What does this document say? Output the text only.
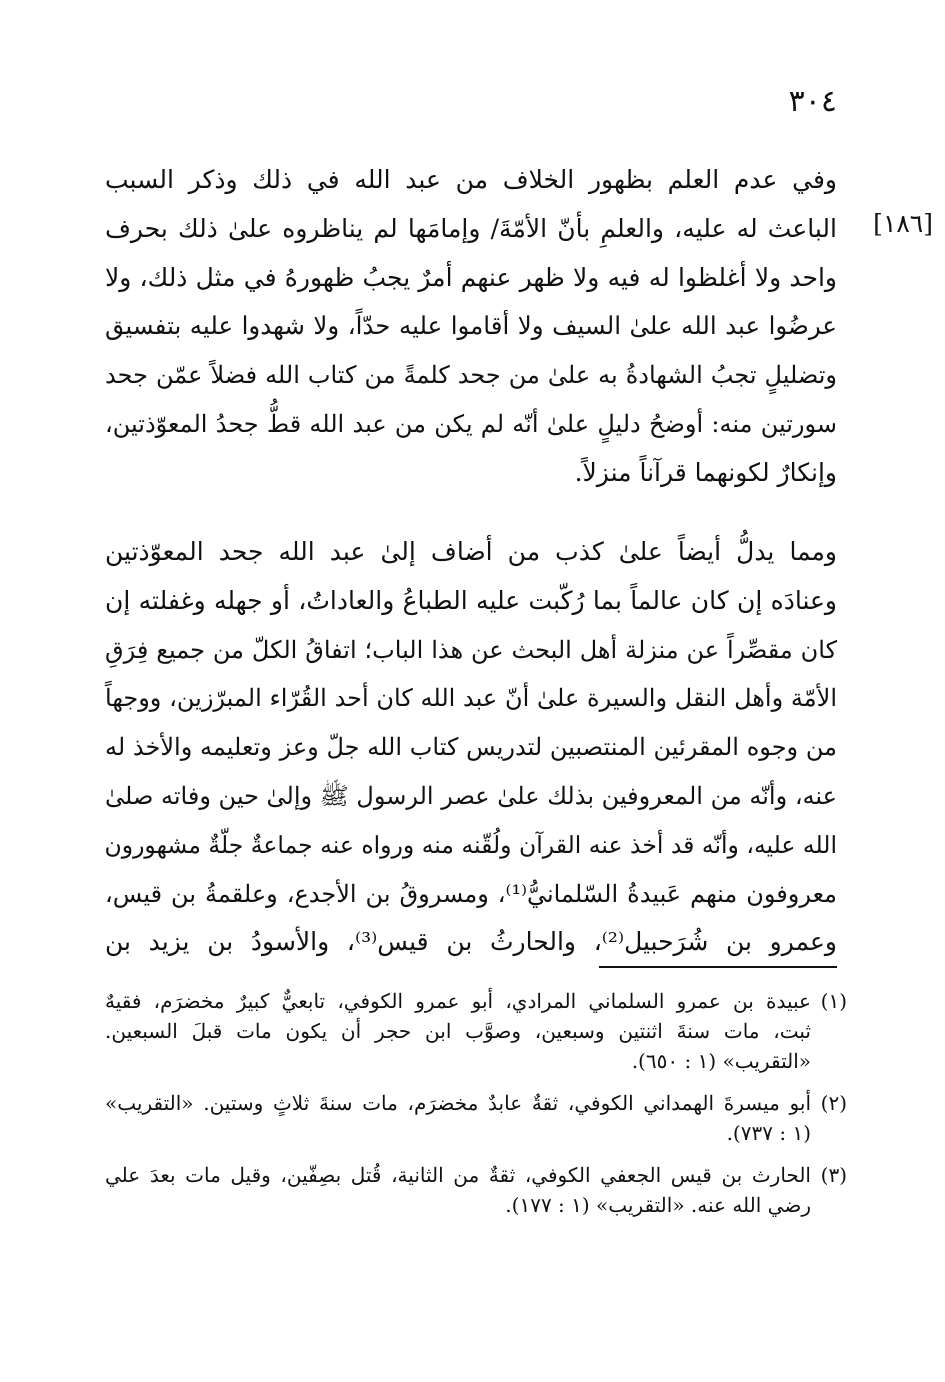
٣٠٤
[١٨٦]

وفي عدم العلم بظهور الخلاف من عبد الله في ذلك وذكر السبب
الباعث له عليه، والعلمِ بأنّ الأمّةَ/ وإمامَها لم يناظروه علىٰ ذلك بحرف
واحد ولا أغلظوا له فيه ولا ظهر عنهم أمرٌ يجبُ ظهورهُ في مثل ذلك، ولا
عرضُوا عبد الله علىٰ السيف ولا أقاموا عليه حدّاً، ولا شهدوا عليه بتفسيق
وتضليلٍ تجبُ الشهادةُ به علىٰ من جحد كلمةً من كتاب الله فضلاً عمّن جحد
سورتين منه: أوضحُ دليلٍ علىٰ أنّه لم يكن من عبد الله قطُّ جحدُ المعوّذتين،
وإنكارٌ لكونهما قرآناً منزلاً.

ومما يدلُّ أيضاً علىٰ كذب من أضاف إلىٰ عبد الله جحد المعوّذتين
وعنادَه إن كان عالماً بما رُكّبت عليه الطباعُ والعاداتُ، أو جهله وغفلته إن
كان مقصِّراً عن منزلة أهل البحث عن هذا الباب؛ اتفاقُ الكلّ من جميع فِرَقِ
الأمّة وأهل النقل والسيرة علىٰ أنّ عبد الله كان أحد القُرّاء المبرّزين، ووجهاً
من وجوه المقرئين المنتصبين لتدريس كتاب الله جلّ وعز وتعليمه والأخذ له
عنه، وأنّه من المعروفين بذلك علىٰ عصر الرسول ﷺ وإلىٰ حين وفاته صلىٰ
الله عليه، وأنّه قد أخذ عنه القرآن ولُقّنه منه ورواه عنه جماعةٌ جلّةٌ مشهورون
معروفون منهم عَبيدةُ السّلمانيُّ⁽¹⁾، ومسروقُ بن الأجدع، وعلقمةُ بن قيس،
وعمرو بن شُرَحبيل⁽²⁾، والحارثُ بن قيس⁽³⁾، والأسودُ بن يزيد بن

(١)
عبيدة بن عمرو السلماني المرادي، أبو عمرو الكوفي، تابعيٌّ كبيرٌ مخضرَم، فقيهٌ
ثبت، مات سنةَ اثنتين وسبعين، وصوَّب ابن حجر أن يكون مات قبلَ السبعين.
«التقريب» (١ : ٦٥٠).
(٢)
أبو ميسرةَ الهمداني الكوفي، ثقةٌ عابدٌ مخضرَم، مات سنةَ ثلاثٍ وستين. «التقريب»
(١ : ٧٣٧).
(٣)
الحارث بن قيس الجعفي الكوفي، ثقةٌ من الثانية، قُتل بصِفّين، وقيل مات بعدَ علي
رضي الله عنه. «التقريب» (١ : ١٧٧).
